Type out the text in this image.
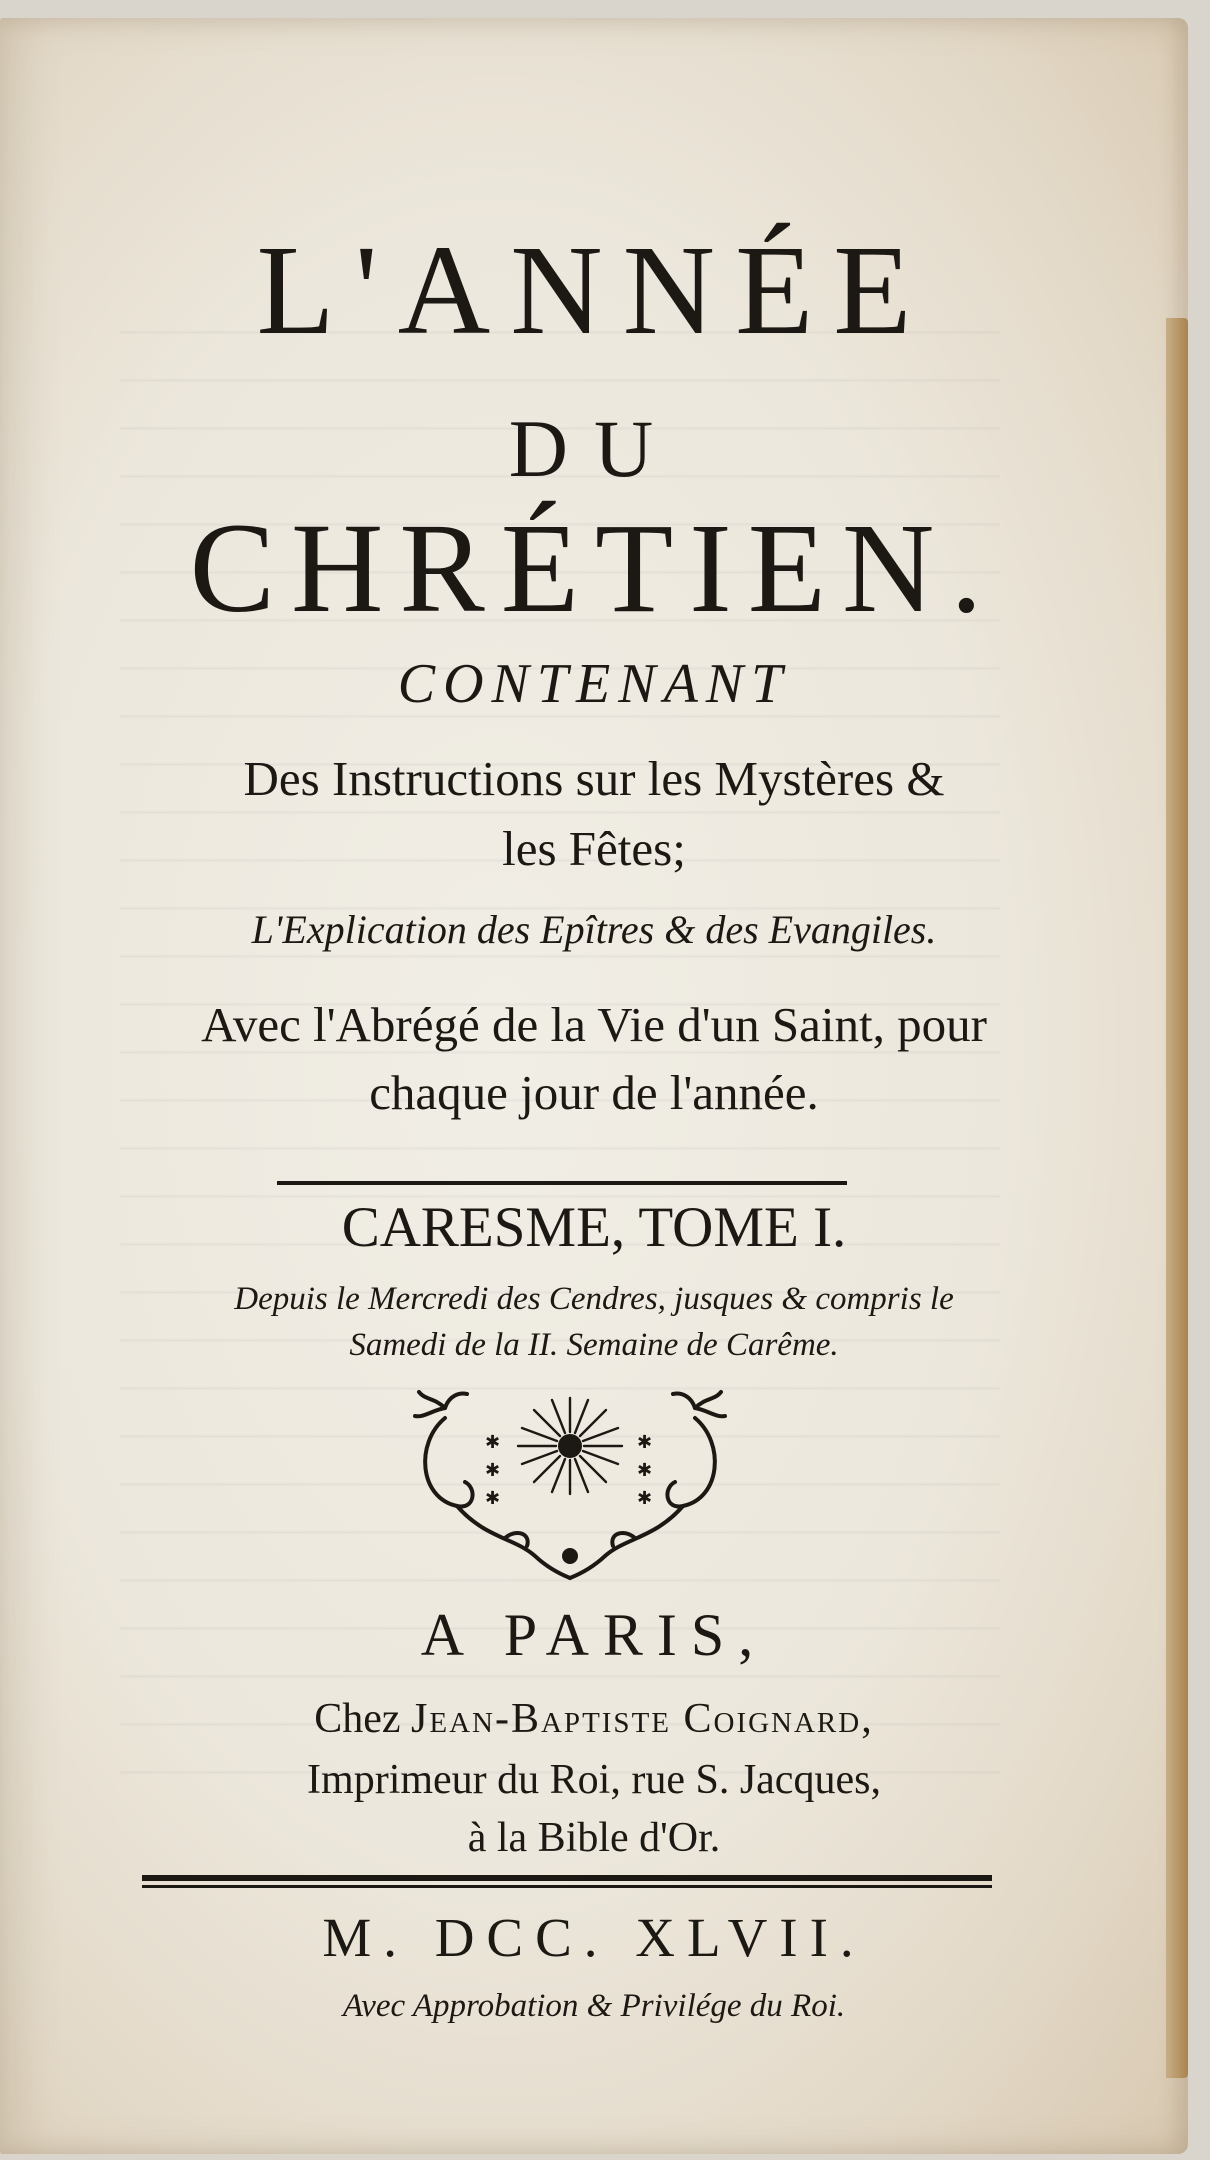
L'ANNÉE
DU
CHRÉTIEN.
CONTENANT
Des Instructions sur les Mystères &
les Fêtes;
L'Explication des Epîtres & des Evangiles.
Avec l'Abrégé de la Vie d'un Saint, pour
chaque jour de l'année.
CARESME, TOME I.
Depuis le Mercredi des Cendres, jusques & compris le
Samedi de la II. Semaine de Carême.
✱
✱
✱
✱
✱
✱
A PARIS,
Chez Jean-Baptiste Coignard,
Imprimeur du Roi, rue S. Jacques,
à la Bible d'Or.
M. DCC. XLVII.
Avec Approbation & Privilége du Roi.
